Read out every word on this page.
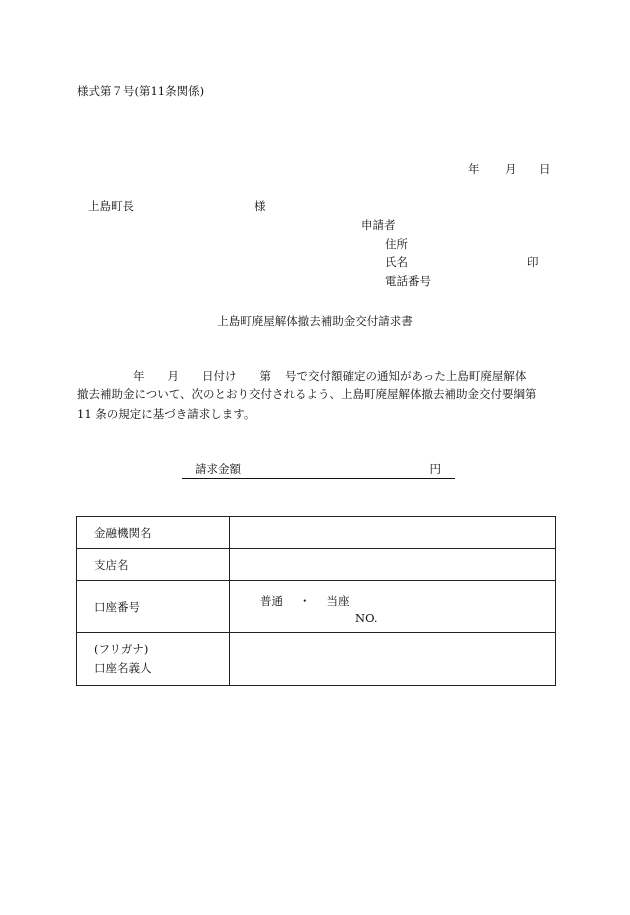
様式第７号(第11条関係)
年 月 日
上島町長	様
申請者
住所
氏名	印
電話番号
上島町廃屋解体撤去補助金交付請求書
年 月 日付け 第 号で交付額確定の通知があった上島町廃屋解体
撤去補助金について、次のとおり交付されるよう、上島町廃屋解体撤去補助金交付要綱第
11 条の規定に基づき請求します。
請求金額	円
金融機関名	
支店名	
口座番号	普通 ・ 当座
NO.

(フリガナ)
口座名義人	
